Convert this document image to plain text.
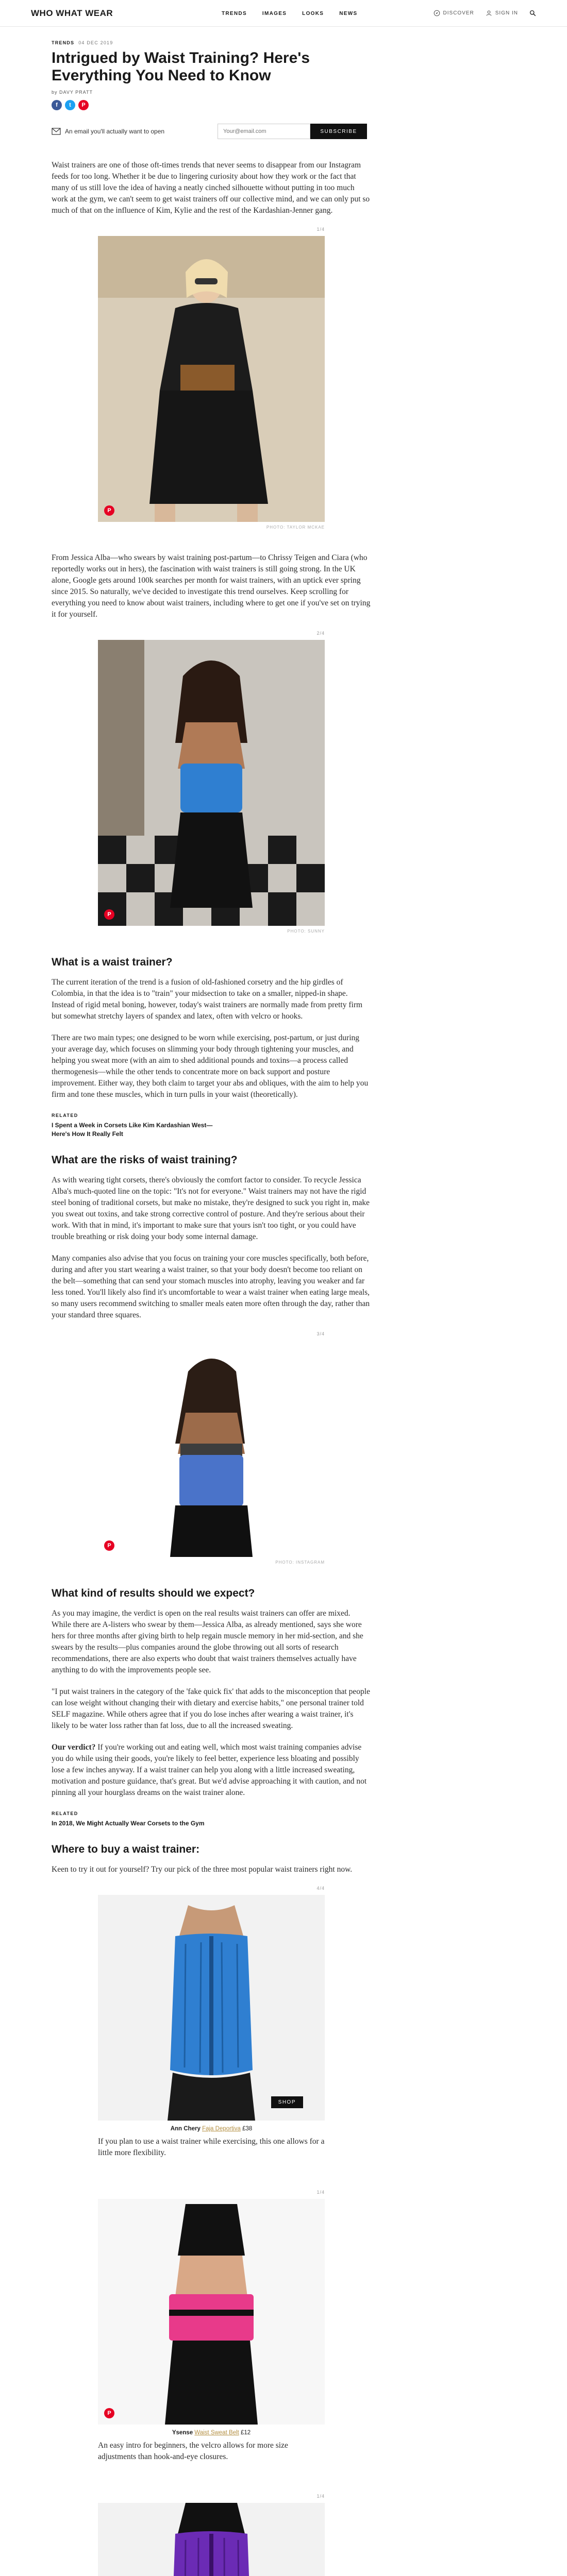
WHO WHAT WEAR	TRENDS	IMAGES	LOOKS	NEWS	DISCOVER	SIGN IN
TRENDS 04 DEC 2019
Intrigued by Waist Training? Here's Everything You Need to Know
by DAVY PRATT
f	t	P
An email you'll actually want to open
Your@email.com	SUBSCRIBE

Waist trainers are one of those oft-times trends that never seems to disappear from our Instagram feeds for too long. Whether it be due to lingering curiosity about how they work or the fact that many of us still love the idea of having a neatly cinched silhouette without putting in too much work at the gym, we can't seem to get waist trainers off our collective mind, and we can only put so much of that on the influence of Kim, Kylie and the rest of the Kardashian-Jenner gang.

1/4
P
PHOTO: TAYLOR MCKAE

From Jessica Alba—who swears by waist training post-partum—to Chrissy Teigen and Ciara (who reportedly works out in hers), the fascination with waist trainers is still going strong. In the UK alone, Google gets around 100k searches per month for waist trainers, with an uptick ever spring since 2015. So naturally, we've decided to investigate this trend ourselves. Keep scrolling for everything you need to know about waist trainers, including where to get one if you've set on trying it for yourself.

2/4
P
PHOTO: SUNNY
What is a waist trainer?

The current iteration of the trend is a fusion of old-fashioned corsetry and the hip girdles of Colombia, in that the idea is to "train" your midsection to take on a smaller, nipped-in shape. Instead of rigid metal boning, however, today's waist trainers are normally made from pretty firm but somewhat stretchy layers of spandex and latex, often with velcro or hooks.

There are two main types; one designed to be worn while exercising, post-partum, or just during your average day, which focuses on slimming your body through tightening your muscles, and helping you sweat more (with an aim to shed additional pounds and toxins—a process called thermogenesis—while the other tends to concentrate more on back support and posture improvement. Either way, they both claim to target your abs and obliques, with the aim to help you firm and tone these muscles, which in turn pulls in your waist (theoretically).

RELATED
I Spent a Week in Corsets Like Kim Kardashian West—Here's How It Really Felt
What are the risks of waist training?

As with wearing tight corsets, there's obviously the comfort factor to consider. To recycle Jessica Alba's much-quoted line on the topic: "It's not for everyone." Waist trainers may not have the rigid steel boning of traditional corsets, but make no mistake, they're designed to suck you right in, make you sweat out toxins, and take strong corrective control of posture. And they're serious about their work. With that in mind, it's important to make sure that yours isn't too tight, or you could have trouble breathing or risk doing your body some internal damage.

Many companies also advise that you focus on training your core muscles specifically, both before, during and after you start wearing a waist trainer, so that your body doesn't become too reliant on the belt—something that can send your stomach muscles into atrophy, leaving you weaker and far less toned. You'll likely also find it's uncomfortable to wear a waist trainer when eating large meals, so many users recommend switching to smaller meals eaten more often through the day, rather than your standard three squares.

3/4
P
PHOTO: INSTAGRAM
What kind of results should we expect?

As you may imagine, the verdict is open on the real results waist trainers can offer are mixed. While there are A-listers who swear by them—Jessica Alba, as already mentioned, says she wore hers for three months after giving birth to help regain muscle memory in her mid-section, and she swears by the results—plus companies around the globe throwing out all sorts of research recommendations, there are also experts who doubt that waist trainers themselves actually have anything to do with the improvements people see.

"I put waist trainers in the category of the 'fake quick fix' that adds to the misconception that people can lose weight without changing their with dietary and exercise habits," one personal trainer told SELF magazine. While others agree that if you do lose inches after wearing a waist trainer, it's likely to be water loss rather than fat loss, due to all the increased sweating.

Our verdict? If you're working out and eating well, which most waist training companies advise you do while using their goods, you're likely to feel better, experience less bloating and possibly lose a few inches anyway. If a waist trainer can help you along with a little increased sweating, motivation and posture guidance, that's great. But we'd advise approaching it with caution, and not pinning all your hourglass dreams on the waist trainer alone.

RELATED
In 2018, We Might Actually Wear Corsets to the Gym
Where to buy a waist trainer:

Keen to try it out for yourself? Try our pick of the three most popular waist trainers right now.

4/4
SHOP
Ann Chery Faja Deportiva £38

If you plan to use a waist trainer while exercising, this one allows for a little more flexibility.

1/4
P
Ysense Waist Sweat Belt £12

An easy intro for beginners, the velcro allows for more size adjustments than hook-and-eye closures.

1/4
